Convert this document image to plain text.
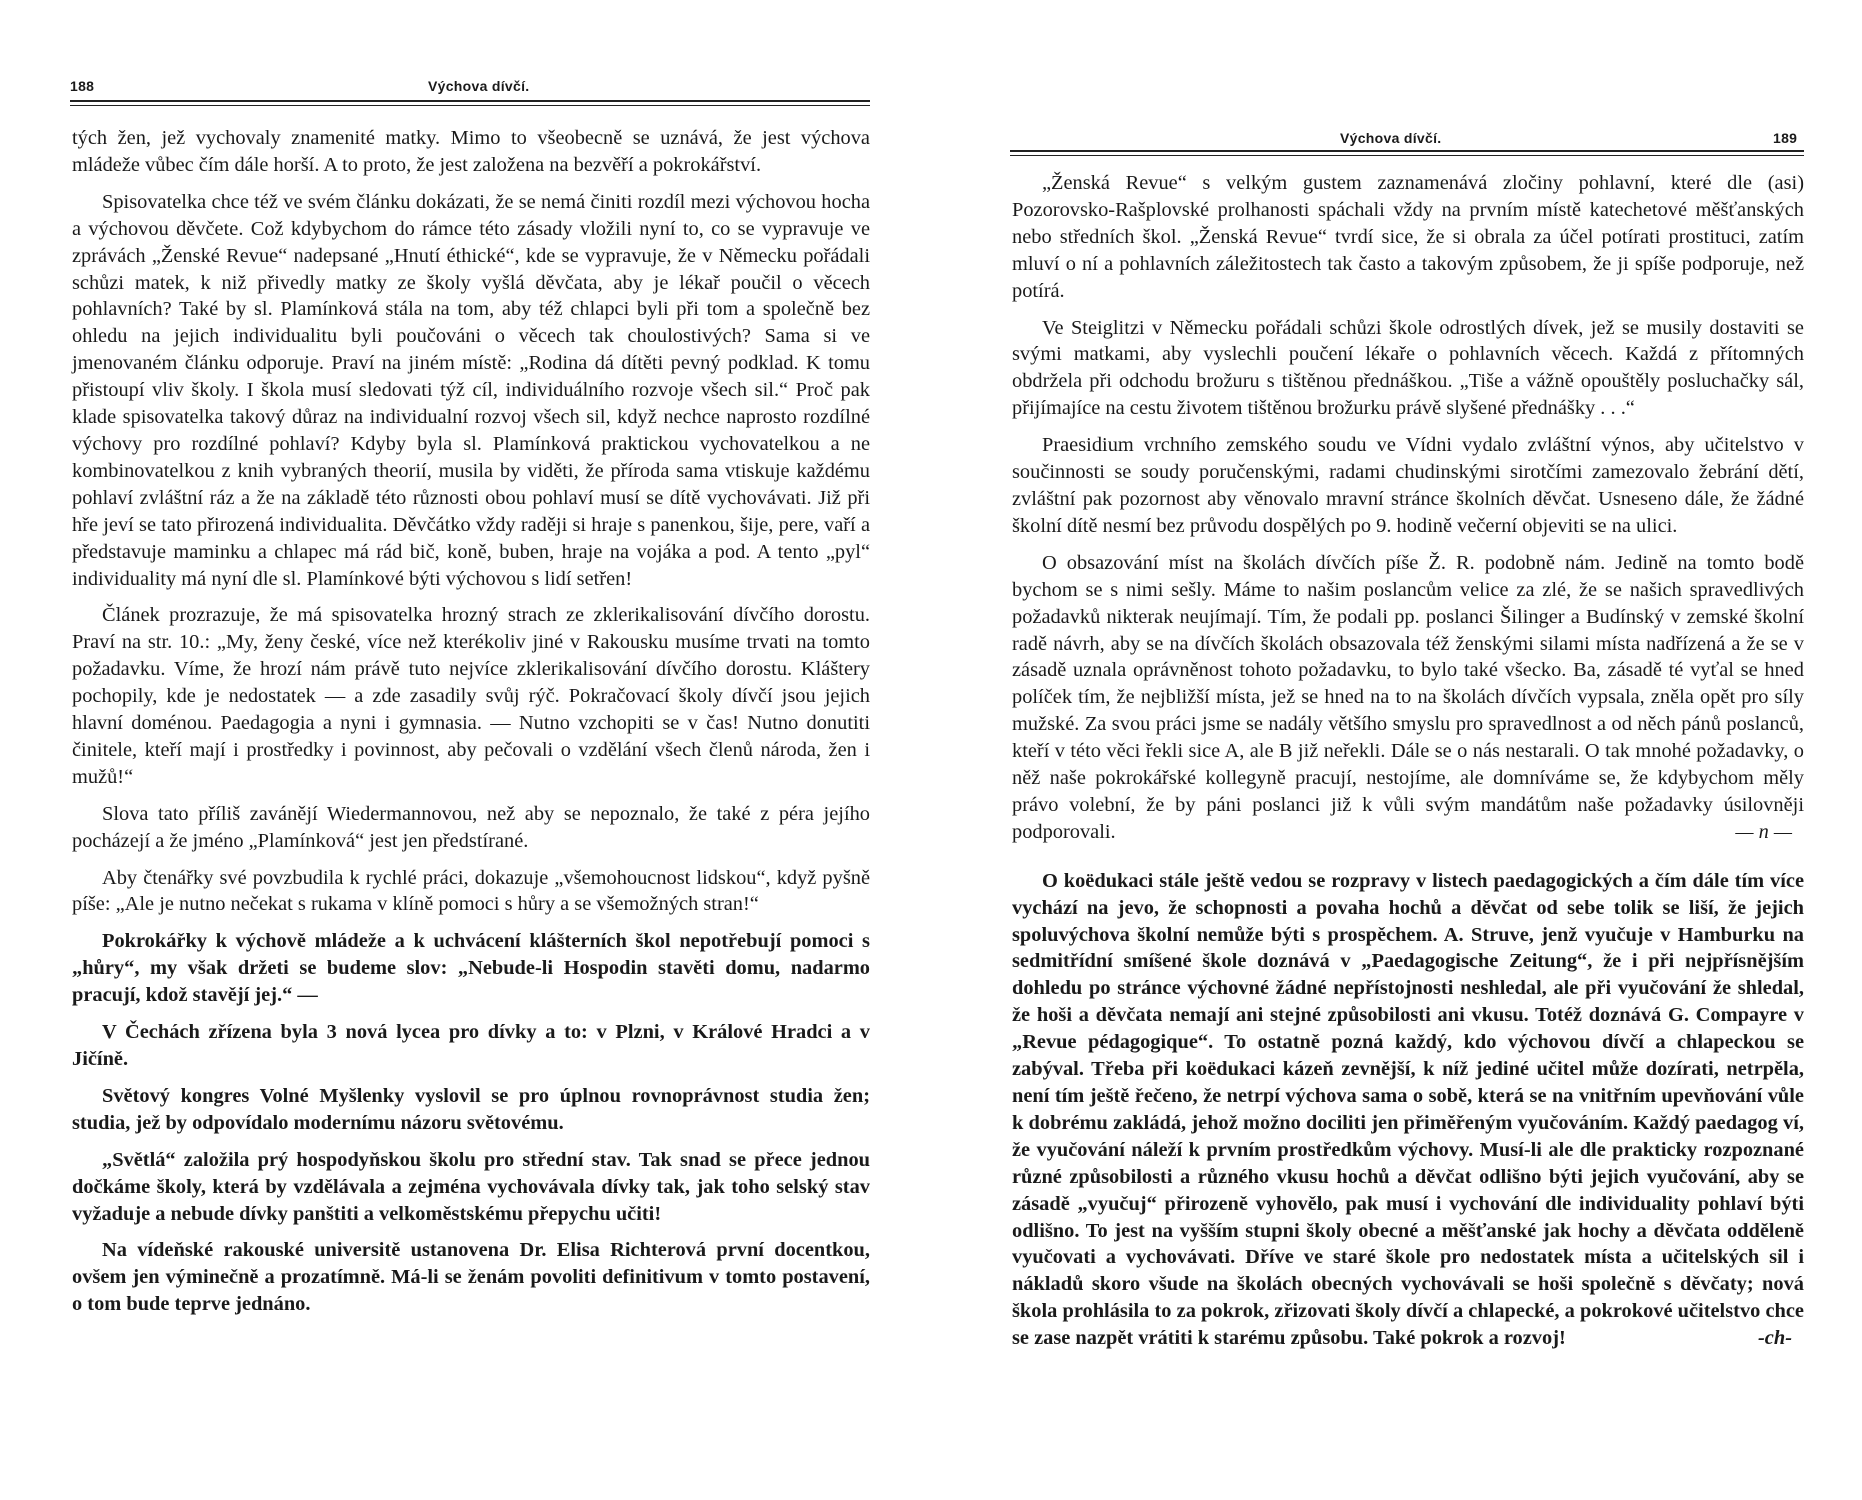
188	Výchova dívčí.

tých žen, jež vychovaly znamenité matky. Mimo to všeobecně se uznává, že jest výchova mládeže vůbec čím dále horší. A to proto, že jest založena na bezvěří a pokrokářství.

Spisovatelka chce též ve svém článku dokázati, že se nemá činiti rozdíl mezi výchovou hocha a výchovou děvčete. Což kdybychom do rámce této zásady vložili nyní to, co se vypravuje ve zprávách „Ženské Revue“ nadepsané „Hnutí éthické“, kde se vypravuje, že v Německu pořádali schůzi matek, k niž přivedly matky ze školy vyšlá děvčata, aby je lékař poučil o věcech pohlavních? Také by sl. Plamínková stála na tom, aby též chlapci byli při tom a společně bez ohledu na jejich individualitu byli poučováni o věcech tak choulostivých? Sama si ve jmenovaném článku odporuje. Praví na jiném místě: „Rodina dá dítěti pevný podklad. K tomu přistoupí vliv školy. I škola musí sledovati týž cíl, individuálního rozvoje všech sil.“ Proč pak klade spisovatelka takový důraz na individualní rozvoj všech sil, když nechce naprosto rozdílné výchovy pro rozdílné pohlaví? Kdyby byla sl. Plamínková praktickou vychovatelkou a ne kombinovatelkou z knih vybraných theorií, musila by viděti, že příroda sama vtiskuje každému pohlaví zvláštní ráz a že na základě této různosti obou pohlaví musí se dítě vychovávati. Již při hře jeví se tato přirozená individualita. Děvčátko vždy raději si hraje s panenkou, šije, pere, vaří a představuje maminku a chlapec má rád bič, koně, buben, hraje na vojáka a pod. A tento „pyl“ individuality má nyní dle sl. Plamínkové býti výchovou s lidí setřen!

Článek prozrazuje, že má spisovatelka hrozný strach ze zklerikalisování dívčího dorostu. Praví na str. 10.: „My, ženy české, více než kterékoliv jiné v Rakousku musíme trvati na tomto požadavku. Víme, že hrozí nám právě tuto nejvíce zklerikalisování dívčího dorostu. Kláštery pochopily, kde je nedostatek — a zde zasadily svůj rýč. Pokračovací školy dívčí jsou jejich hlavní doménou. Paedagogia a nyni i gymnasia. — Nutno vzchopiti se v čas! Nutno donutiti činitele, kteří mají i prostředky i povinnost, aby pečovali o vzdělání všech členů národa, žen i mužů!“

Slova tato příliš zavánějí Wiedermannovou, než aby se nepoznalo, že také z péra jejího pocházejí a že jméno „Plamínková“ jest jen předstírané.

Aby čtenářky své povzbudila k rychlé práci, dokazuje „všemohoucnost lidskou“, když pyšně píše: „Ale je nutno nečekat s rukama v klíně pomoci s hůry a se všemožných stran!“

Pokrokářky k výchově mládeže a k uchvácení klášterních škol nepotřebují pomoci s „hůry“, my však držeti se budeme slov: „Nebude-li Hospodin stavěti domu, nadarmo pracují, kdož stavějí jej.“ —

V Čechách zřízena byla 3 nová lycea pro dívky a to: v Plzni, v Králové Hradci a v Jičíně.

Světový kongres Volné Myšlenky vyslovil se pro úplnou rovnoprávnost studia žen; studia, jež by odpovídalo modernímu názoru světovému.

„Světlá“ založila prý hospodyňskou školu pro střední stav. Tak snad se přece jednou dočkáme školy, která by vzdělávala a zejména vychovávala dívky tak, jak toho selský stav vyžaduje a nebude dívky panštiti a velkoměstskému přepychu učiti!

Na vídeňské rakouské universitě ustanovena Dr. Elisa Richterová první docentkou, ovšem jen výminečně a prozatímně. Má-li se ženám povoliti definitivum v tomto postavení, o tom bude teprve jednáno.

Výchova dívčí.	189

„Ženská Revue“ s velkým gustem zaznamenává zločiny pohlavní, které dle (asi) Pozorovsko-Rašplovské prolhanosti spáchali vždy na prvním místě katechetové měšťanských nebo středních škol. „Ženská Revue“ tvrdí sice, že si obrala za účel potírati prostituci, zatím mluví o ní a pohlavních záležitostech tak často a takovým způsobem, že ji spíše podporuje, než potírá.

Ve Steiglitzi v Německu pořádali schůzi škole odrostlých dívek, jež se musily dostaviti se svými matkami, aby vyslechli poučení lékaře o pohlavních věcech. Každá z přítomných obdržela při odchodu brožuru s tištěnou přednáškou. „Tiše a vážně opouštěly posluchačky sál, přijímajíce na cestu životem tištěnou brožurku právě slyšené přednášky . . .“

Praesidium vrchního zemského soudu ve Vídni vydalo zvláštní výnos, aby učitelstvo v součinnosti se soudy poručenskými, radami chudinskými sirotčími zamezovalo žebrání dětí, zvláštní pak pozornost aby věnovalo mravní stránce školních děvčat. Usneseno dále, že žádné školní dítě nesmí bez průvodu dospělých po 9. hodině večerní objeviti se na ulici.

O obsazování míst na školách dívčích píše Ž. R. podobně nám. Jedině na tomto bodě bychom se s nimi sešly. Máme to našim poslancům velice za zlé, že se našich spravedlivých požadavků nikterak neujímají. Tím, že podali pp. poslanci Šilinger a Budínský v zemské školní radě návrh, aby se na dívčích školách obsazovala též ženskými silami místa nadřízená a že se v zásadě uznala oprávněnost tohoto požadavku, to bylo také všecko. Ba, zásadě té vyťal se hned políček tím, že nejbližší místa, jež se hned na to na školách dívčích vypsala, zněla opět pro síly mužské. Za svou práci jsme se nadály většího smyslu pro spravedlnost a od něch pánů poslanců, kteří v této věci řekli sice A, ale B již neřekli. Dále se o nás nestarali. O tak mnohé požadavky, o něž naše pokrokářské kollegyně pracují, nestojíme, ale domníváme se, že kdybychom měly právo volební, že by páni poslanci již k vůli svým mandátům naše požadavky úsilovněji podporovali.	— n —

O koëdukaci stále ještě vedou se rozpravy v listech paedagogických a čím dále tím více vychází na jevo, že schopnosti a povaha hochů a děvčat od sebe tolik se liší, že jejich spoluvýchova školní nemůže býti s prospěchem. A. Struve, jenž vyučuje v Hamburku na sedmitřídní smíšené škole doznává v „Paedagogische Zeitung“, že i při nejpřísnějším dohledu po stránce výchovné žádné nepřístojnosti neshledal, ale při vyučování že shledal, že hoši a děvčata nemají ani stejné způsobilosti ani vkusu. Totéž doznává G. Compayre v „Revue pédagogique“. To ostatně pozná každý, kdo výchovou dívčí a chlapeckou se zabýval. Třeba při koëdukaci kázeň zevnější, k níž jediné učitel může dozírati, netrpěla, není tím ještě řečeno, že netrpí výchova sama o sobě, která se na vnitřním upevňování vůle k dobrému zakládá, jehož možno dociliti jen přiměřeným vyučováním. Každý paedagog ví, že vyučování náleží k prvním prostředkům výchovy. Musí-li ale dle prakticky rozpoznané různé způsobilosti a různého vkusu hochů a děvčat odlišno býti jejich vyučování, aby se zásadě „vyučuj“ přirozeně vyhovělo, pak musí i vychování dle individuality pohlaví býti odlišno. To jest na vyšším stupni školy obecné a měšťanské jak hochy a děvčata odděleně vyučovati a vychovávati. Dříve ve staré škole pro nedostatek místa a učitelských sil i nákladů skoro všude na školách obecných vychovávali se hoši společně s děvčaty; nová škola prohlásila to za pokrok, zřizovati školy dívčí a chlapecké, a pokrokové učitelstvo chce se zase nazpět vrátiti k starému způsobu. Také pokrok a rozvoj!	-ch-
